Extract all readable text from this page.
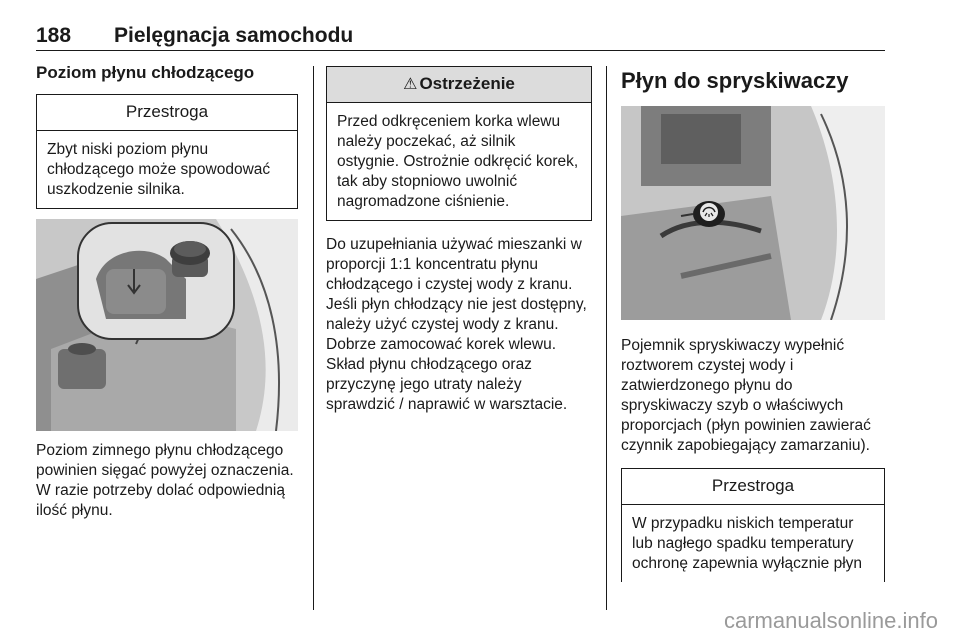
188 Pielęgnacja samochodu
Poziom płynu chłodzącego
Przestroga
Zbyt niski poziom płynu chłodzącego może spowodować uszkodzenie silnika.

Poziom zimnego płynu chłodzącego powinien sięgać powyżej oznaczenia. W razie potrzeby dolać odpowiednią ilość płynu.

⚠ Ostrzeżenie
Przed odkręceniem korka wlewu należy poczekać, aż silnik ostygnie. Ostrożnie odkręcić korek, tak aby stopniowo uwolnić nagromadzone ciśnienie.

Do uzupełniania używać mieszanki w proporcji 1:1 koncentratu płynu chłodzącego i czystej wody z kranu. Jeśli płyn chłodzący nie jest dostępny, należy użyć czystej wody z kranu. Dobrze zamocować korek wlewu. Skład płynu chłodzącego oraz przyczynę jego utraty należy sprawdzić / naprawić w warsztacie.

Płyn do spryskiwaczy

Pojemnik spryskiwaczy wypełnić roztworem czystej wody i zatwierdzonego płynu do spryskiwaczy szyb o właściwych proporcjach (płyn powinien zawierać czynnik zapobiegający zamarzaniu).

Przestroga
W przypadku niskich temperatur lub nagłego spadku temperatury ochronę zapewnia wyłącznie płyn
carmanualsonline.info
